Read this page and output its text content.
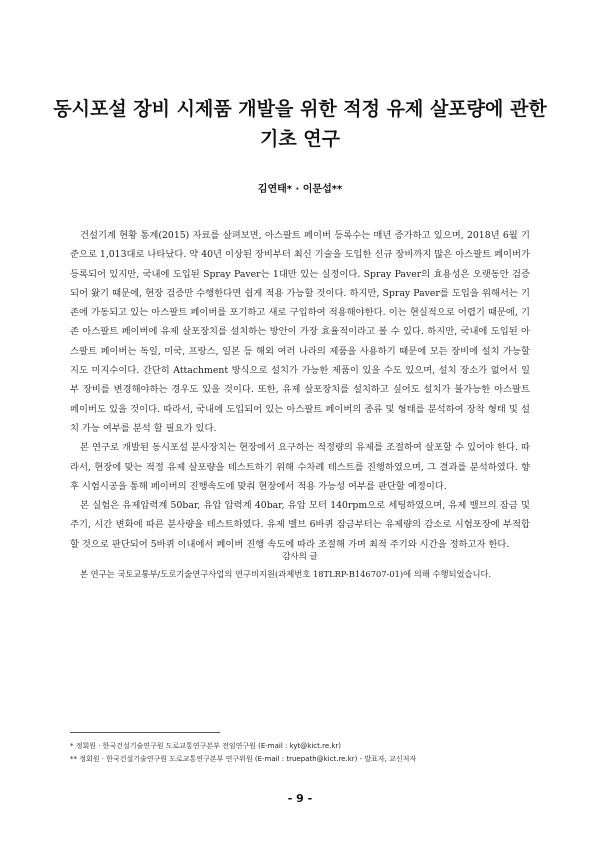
동시포설 장비 시제품 개발을 위한 적정 유제 살포량에 관한
기초 연구
김연태* · 이문섭**

건설기계 현황 통계(2015) 자료를 살펴보면, 아스팔트 페이버 등록수는 매년 증가하고 있으며, 2018년 6월 기준으로 1,013대로 나타났다. 약 40년 이상된 장비부터 최신 기술을 도입한 신규 장비까지 많은 아스팔트 페이버가 등록되어 있지만, 국내에 도입된 Spray Paver는 1대만 있는 실정이다. Spray Paver의 효용성은 오랫동안 검증되어 왔기 때문에, 현장 검증만 수행한다면 쉽게 적용 가능할 것이다. 하지만, Spray Paver를 도입을 위해서는 기존에 가동되고 있는 아스팔트 페이버를 포기하고 새로 구입하여 적용해야한다. 이는 현실적으로 어렵기 때문에, 기존 아스팔트 페이버에 유제 살포장치를 설치하는 방안이 가장 효율적이라고 볼 수 있다. 하지만, 국내에 도입된 아스팔트 페이버는 독일, 미국, 프랑스, 일본 등 해외 여러 나라의 제품을 사용하기 때문에 모든 장비에 설치 가능할지도 미지수이다. 간단히 Attachment 방식으로 설치가 가능한 제품이 있을 수도 있으며, 설치 장소가 없어서 일부 장비를 변경해야하는 경우도 있을 것이다. 또한, 유제 살포장치를 설치하고 싶어도 설치가 불가능한 아스팔트 페이버도 있을 것이다. 따라서, 국내에 도입되어 있는 아스팔트 페이버의 종류 및 형태를 분석하여 장착 형태 및 설치 가능 여부를 분석 할 필요가 있다.

본 연구로 개발된 동시포설 분사장치는 현장에서 요구하는 적정량의 유제를 조절하여 살포할 수 있어야 한다. 따라서, 현장에 맞는 적정 유제 살포량을 테스트하기 위해 수차례 테스트를 진행하였으며, 그 결과를 분석하였다. 향후 시험시공을 통해 페이버의 진행속도에 맞춰 현장에서 적용 가능성 여부를 판단할 예정이다.

본 실험은 유제압력계 50bar, 유압 압력계 40bar, 유압 모터 140rpm으로 세팅하였으며, 유제 밸브의 잠금 및 주기, 시간 변화에 따른 분사량을 테스트하였다. 유제 밸브 6바퀴 잠금부터는 유제량의 감소로 시험포장에 부적합 할 것으로 판단되어 5바퀴 이내에서 페이버 진행 속도에 따라 조절해 가며 최적 주기와 시간을 정하고자 한다.

감사의 글
본 연구는 국토교통부/도로기술연구사업의 연구비지원(과제번호 18TLRP-B146707-01)에 의해 수행되었습니다.
* 정회원 · 한국건설기술연구원 도로교통연구본부 전임연구원 (E-mail : kyt@kict.re.kr)
** 정회원 · 한국건설기술연구원 도로교통연구본부 연구위원 (E-mail : truepath@kict.re.kr) - 발표자, 교신저자
- 9 -
